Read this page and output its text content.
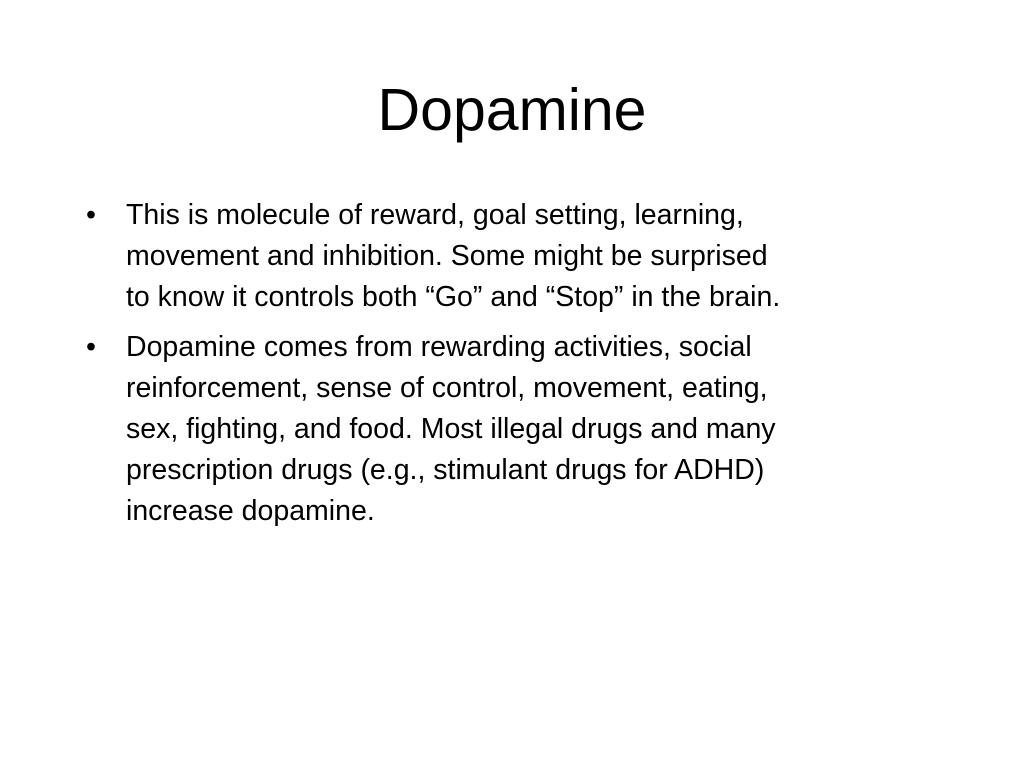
Dopamine
•	This is molecule of reward, goal setting, learning,
movement and inhibition. Some might be surprised
to know it controls both “Go” and “Stop” in the brain.
•	Dopamine comes from rewarding activities, social
reinforcement, sense of control, movement, eating,
sex, fighting, and food. Most illegal drugs and many
prescription drugs (e.g., stimulant drugs for ADHD)
increase dopamine.
